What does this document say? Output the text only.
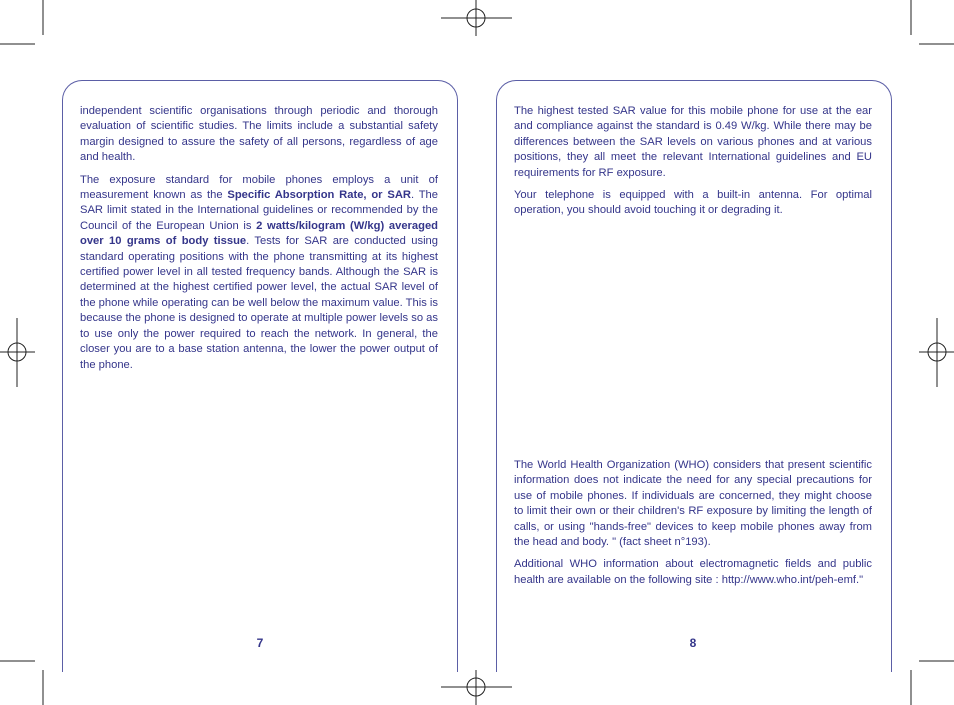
independent scientific organisations through periodic and thorough evaluation of scientific studies. The limits include a substantial safety margin designed to assure the safety of all persons, regardless of age and health.

The exposure standard for mobile phones employs a unit of measurement known as the Specific Absorption Rate, or SAR. The SAR limit stated in the International guidelines or recommended by the Council of the European Union is 2 watts/kilogram (W/kg) averaged over 10 grams of body tissue. Tests for SAR are conducted using standard operating positions with the phone transmitting at its highest certified power level in all tested frequency bands. Although the SAR is determined at the highest certified power level, the actual SAR level of the phone while operating can be well below the maximum value. This is because the phone is designed to operate at multiple power levels so as to use only the power required to reach the network. In general, the closer you are to a base station antenna, the lower the power output of the phone.

The highest tested SAR value for this mobile phone for use at the ear and compliance against the standard is 0.49 W/kg. While there may be differences between the SAR levels on various phones and at various positions, they all meet the relevant International guidelines and EU requirements for RF exposure.

Your telephone is equipped with a built-in antenna. For optimal operation, you should avoid touching it or degrading it.

The World Health Organization (WHO) considers that present scientific information does not indicate the need for any special precautions for use of mobile phones. If individuals are concerned, they might choose to limit their own or their children's RF exposure by limiting the length of calls, or using "hands-free" devices to keep mobile phones away from the head and body. " (fact sheet n°193).

Additional WHO information about electromagnetic fields and public health are available on the following site : http://www.who.int/peh-emf."

7	8
